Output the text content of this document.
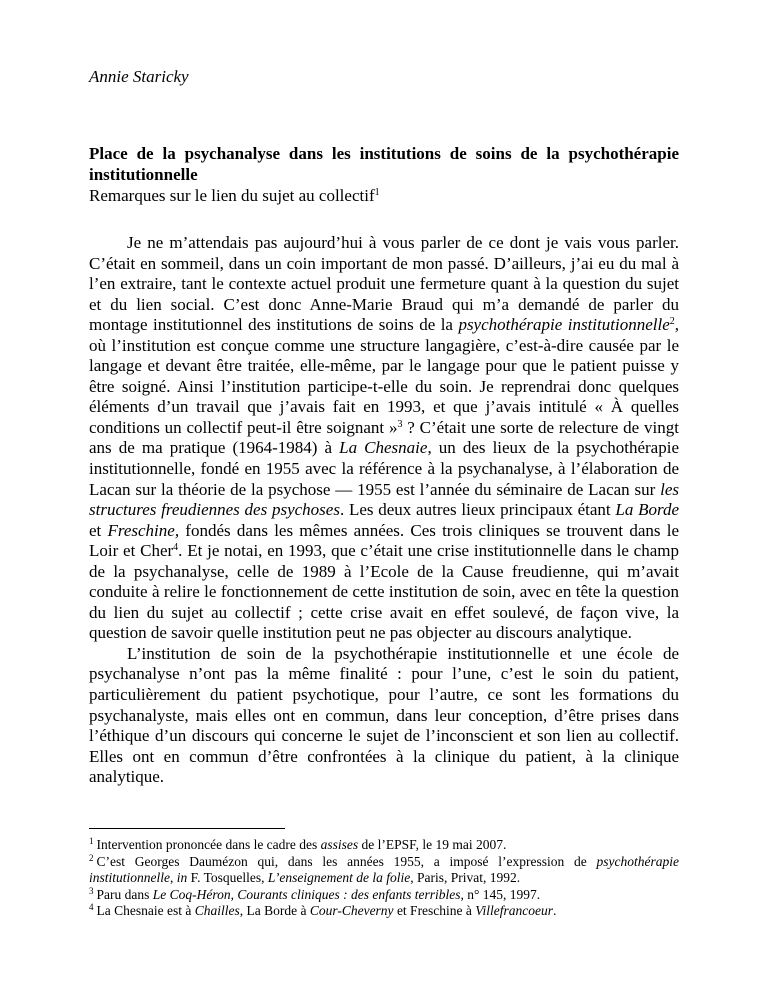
Annie Staricky

Place de la psychanalyse dans les institutions de soins de la psychothérapie institutionnelle

Remarques sur le lien du sujet au collectif$^1$

Je ne m’attendais pas aujourd’hui à vous parler de ce dont je vais vous parler. C’était en sommeil, dans un coin important de mon passé. D’ailleurs, j’ai eu du mal à l’en extraire, tant le contexte actuel produit une fermeture quant à la question du sujet et du lien social. C’est donc Anne-Marie Braud qui m’a demandé de parler du montage institutionnel des institutions de soins de la psychothérapie institutionnelle$^2$, où l’institution est conçue comme une structure langagière, c’est-à-dire causée par le langage et devant être traitée, elle-même, par le langage pour que le patient puisse y être soigné. Ainsi l’institution participe-t-elle du soin. Je reprendrai donc quelques éléments d’un travail que j’avais fait en 1993, et que j’avais intitulé « À quelles conditions un collectif peut-il être soignant »$^3$ ? C’était une sorte de relecture de vingt ans de ma pratique (1964-1984) à La Chesnaie, un des lieux de la psychothérapie institutionnelle, fondé en 1955 avec la référence à la psychanalyse, à l’élaboration de Lacan sur la théorie de la psychose — 1955 est l’année du séminaire de Lacan sur les structures freudiennes des psychoses. Les deux autres lieux principaux étant La Borde et Freschine, fondés dans les mêmes années. Ces trois cliniques se trouvent dans le Loir et Cher$^4$. Et je notai, en 1993, que c’était une crise institutionnelle dans le champ de la psychanalyse, celle de 1989 à l’Ecole de la Cause freudienne, qui m’avait conduite à relire le fonctionnement de cette institution de soin, avec en tête la question du lien du sujet au collectif ; cette crise avait en effet soulevé, de façon vive, la question de savoir quelle institution peut ne pas objecter au discours analytique.

L’institution de soin de la psychothérapie institutionnelle et une école de psychanalyse n’ont pas la même finalité : pour l’une, c’est le soin du patient, particulièrement du patient psychotique, pour l’autre, ce sont les formations du psychanalyste, mais elles ont en commun, dans leur conception, d’être prises dans l’éthique d’un discours qui concerne le sujet de l’inconscient et son lien au collectif. Elles ont en commun d’être confrontées à la clinique du patient, à la clinique analytique.

$^1$ Intervention prononcée dans le cadre des assises de l’EPSF, le 19 mai 2007.

$^2$ C’est Georges Daumézon qui, dans les années 1955, a imposé l’expression de psychothérapie institutionnelle, in F. Tosquelles, L’enseignement de la folie, Paris, Privat, 1992.

$^3$ Paru dans Le Coq-Héron, Courants cliniques : des enfants terribles, n° 145, 1997.

$^4$ La Chesnaie est à Chailles, La Borde à Cour-Cheverny et Freschine à Villefrancoeur.
